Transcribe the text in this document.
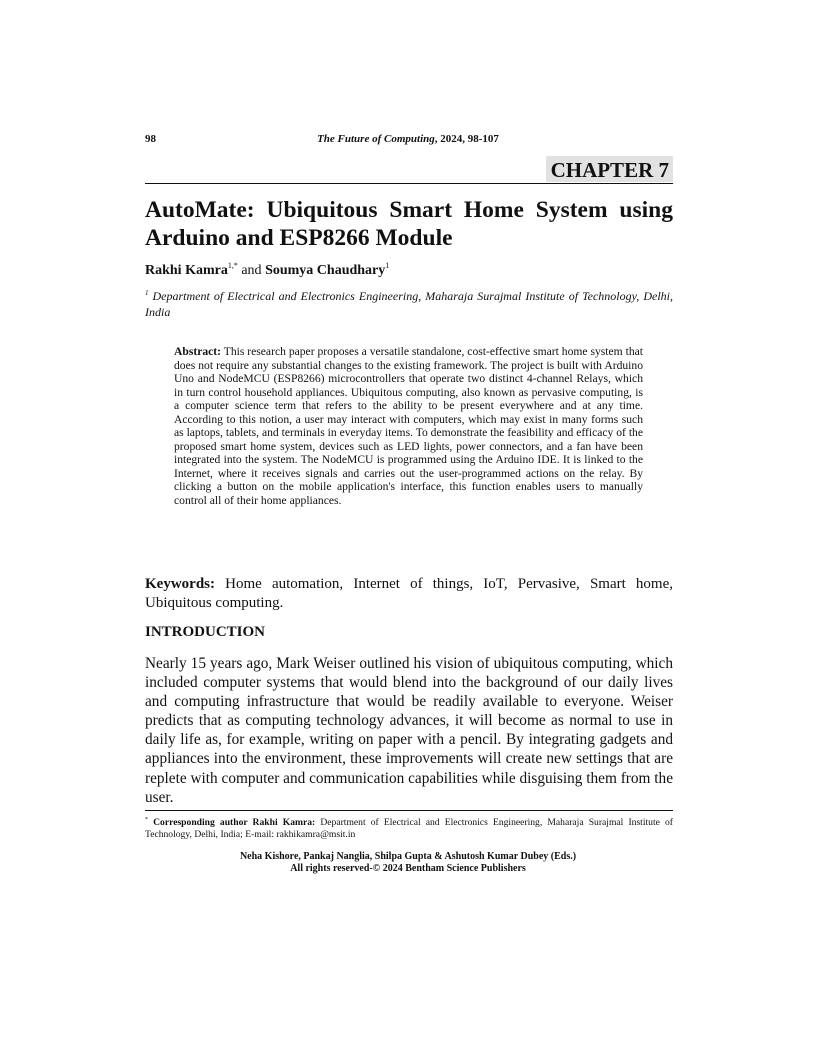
98	The Future of Computing, 2024, 98-107
CHAPTER 7
AutoMate: Ubiquitous Smart Home System using Arduino and ESP8266 Module
Rakhi Kamra$^{1,*}$ and Soumya Chaudhary$^1$
$^1$ Department of Electrical and Electronics Engineering, Maharaja Surajmal Institute of Technology, Delhi, India
Abstract: This research paper proposes a versatile standalone, cost-effective smart home system that does not require any substantial changes to the existing framework. The project is built with Arduino Uno and NodeMCU (ESP8266) microcontrollers that operate two distinct 4-channel Relays, which in turn control household appliances. Ubiquitous computing, also known as pervasive computing, is a computer science term that refers to the ability to be present everywhere and at any time. According to this notion, a user may interact with computers, which may exist in many forms such as laptops, tablets, and terminals in everyday items. To demonstrate the feasibility and efficacy of the proposed smart home system, devices such as LED lights, power connectors, and a fan have been integrated into the system. The NodeMCU is programmed using the Arduino IDE. It is linked to the Internet, where it receives signals and carries out the user-programmed actions on the relay. By clicking a button on the mobile application's interface, this function enables users to manually control all of their home appliances.
Keywords: Home automation, Internet of things, IoT, Pervasive, Smart home, Ubiquitous computing.
INTRODUCTION

Nearly 15 years ago, Mark Weiser outlined his vision of ubiquitous computing, which included computer systems that would blend into the background of our daily lives and computing infrastructure that would be readily available to everyone. Weiser predicts that as computing technology advances, it will become as normal to use in daily life as, for example, writing on paper with a pencil. By integrating gadgets and appliances into the environment, these improvements will create new settings that are replete with computer and communication capabilities while disguising them from the user.

* Corresponding author Rakhi Kamra: Department of Electrical and Electronics Engineering, Maharaja Surajmal Institute of Technology, Delhi, India; E-mail: rakhikamra@msit.in
Neha Kishore, Pankaj Nanglia, Shilpa Gupta & Ashutosh Kumar Dubey (Eds.)
All rights reserved-© 2024 Bentham Science Publishers
